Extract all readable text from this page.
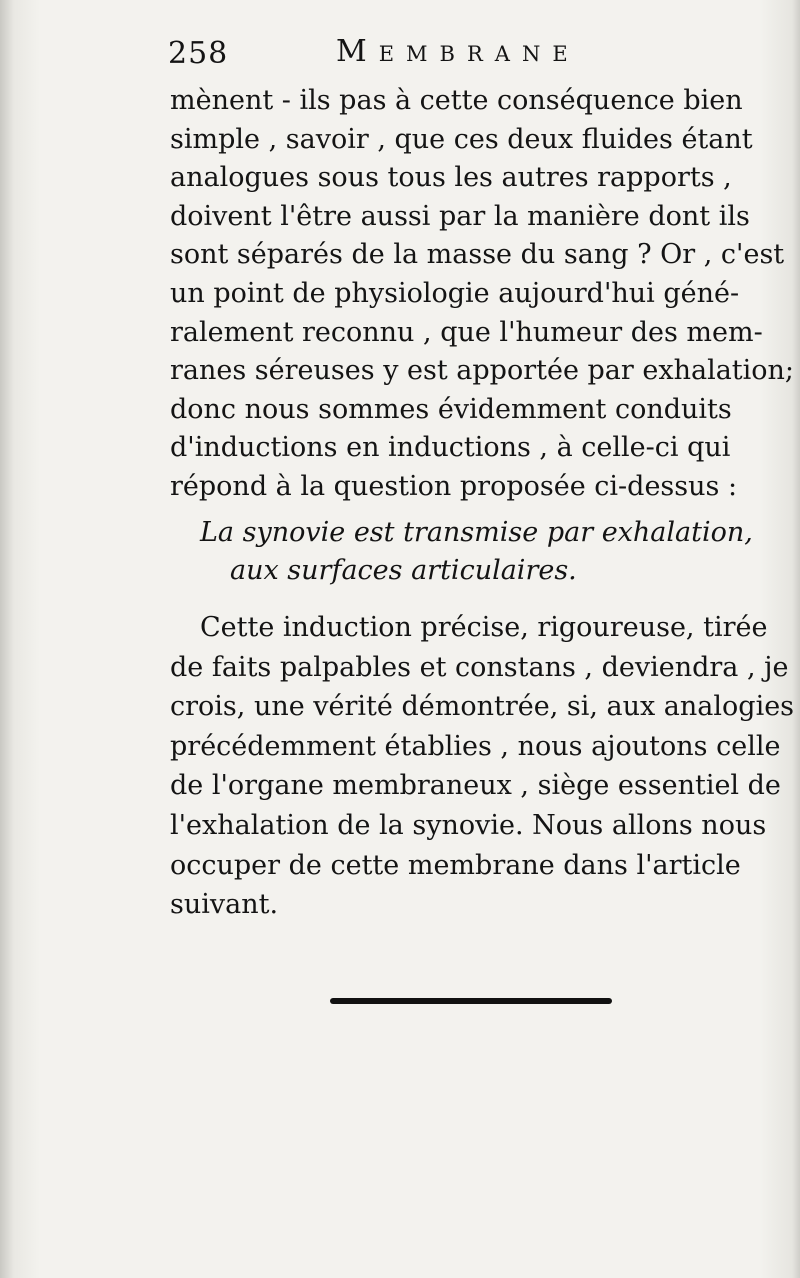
258	Membrane
mènent - ils pas à cette conséquence bien
simple , savoir , que ces deux fluides étant
analogues sous tous les autres rapports ,
doivent l'être aussi par la manière dont ils
sont séparés de la masse du sang ? Or , c'est
un point de physiologie aujourd'hui géné-
ralement reconnu , que l'humeur des mem-
ranes séreuses y est apportée par exhalation;
donc nous sommes évidemment conduits
d'inductions en inductions , à celle-ci qui
répond à la question proposée ci-dessus :
La synovie est transmise par exhalation,
aux surfaces articulaires.
Cette induction précise, rigoureuse, tirée
de faits palpables et constans , deviendra , je
crois, une vérité démontrée, si, aux analogies
précédemment établies , nous ajoutons celle
de l'organe membraneux , siège essentiel de
l'exhalation de la synovie. Nous allons nous
occuper de cette membrane dans l'article
suivant.
